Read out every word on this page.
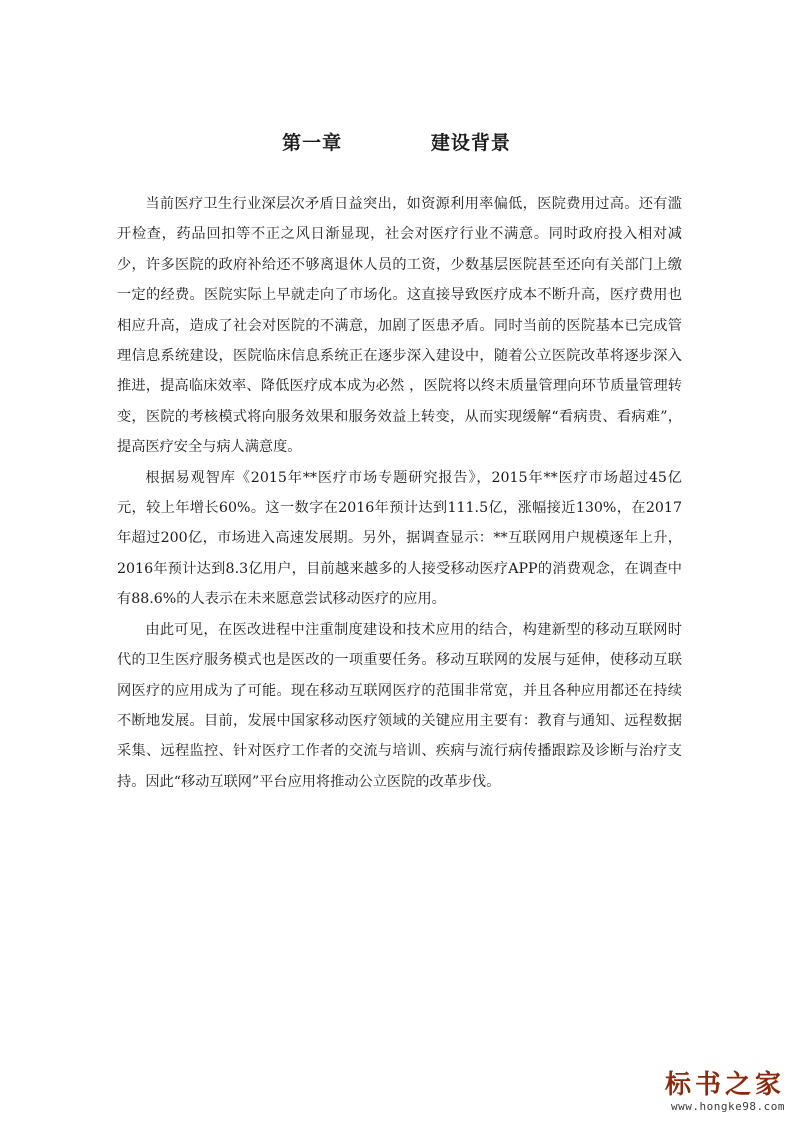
第一章   建设背景

当前医疗卫生行业深层次矛盾日益突出，如资源利用率偏低，医院费用过高。还有滥开检查，药品回扣等不正之风日渐显现，社会对医疗行业不满意。同时政府投入相对减少，许多医院的政府补给还不够离退休人员的工资，少数基层医院甚至还向有关部门上缴一定的经费。医院实际上早就走向了市场化。这直接导致医疗成本不断升高，医疗费用也相应升高，造成了社会对医院的不满意，加剧了医患矛盾。同时当前的医院基本已完成管理信息系统建设，医院临床信息系统正在逐步深入建设中，随着公立医院改革将逐步深入推进，提高临床效率、降低医疗成本成为必然 ，医院将以终末质量管理向环节质量管理转变，医院的考核模式将向服务效果和服务效益上转变，从而实现缓解“看病贵、看病难”，提高医疗安全与病人满意度。

根据易观智库《2015年**医疗市场专题研究报告》，2015年**医疗市场超过45亿元，较上年增长60%。这一数字在2016年预计达到111.5亿，涨幅接近130%，在2017年超过200亿，市场进入高速发展期。另外，据调查显示：**互联网用户规模逐年上升，2016年预计达到8.3亿用户，目前越来越多的人接受移动医疗APP的消费观念，在调查中有88.6%的人表示在未来愿意尝试移动医疗的应用。

由此可见，在医改进程中注重制度建设和技术应用的结合，构建新型的移动互联网时代的卫生医疗服务模式也是医改的一项重要任务。移动互联网的发展与延伸，使移动互联网医疗的应用成为了可能。现在移动互联网医疗的范围非常宽，并且各种应用都还在持续不断地发展。目前，发展中国家移动医疗领域的关键应用主要有：教育与通知、远程数据采集、远程监控、针对医疗工作者的交流与培训、疾病与流行病传播跟踪及诊断与治疗支持。因此“移动互联网”平台应用将推动公立医院的改革步伐。

标书之家
www.hongke98.com
